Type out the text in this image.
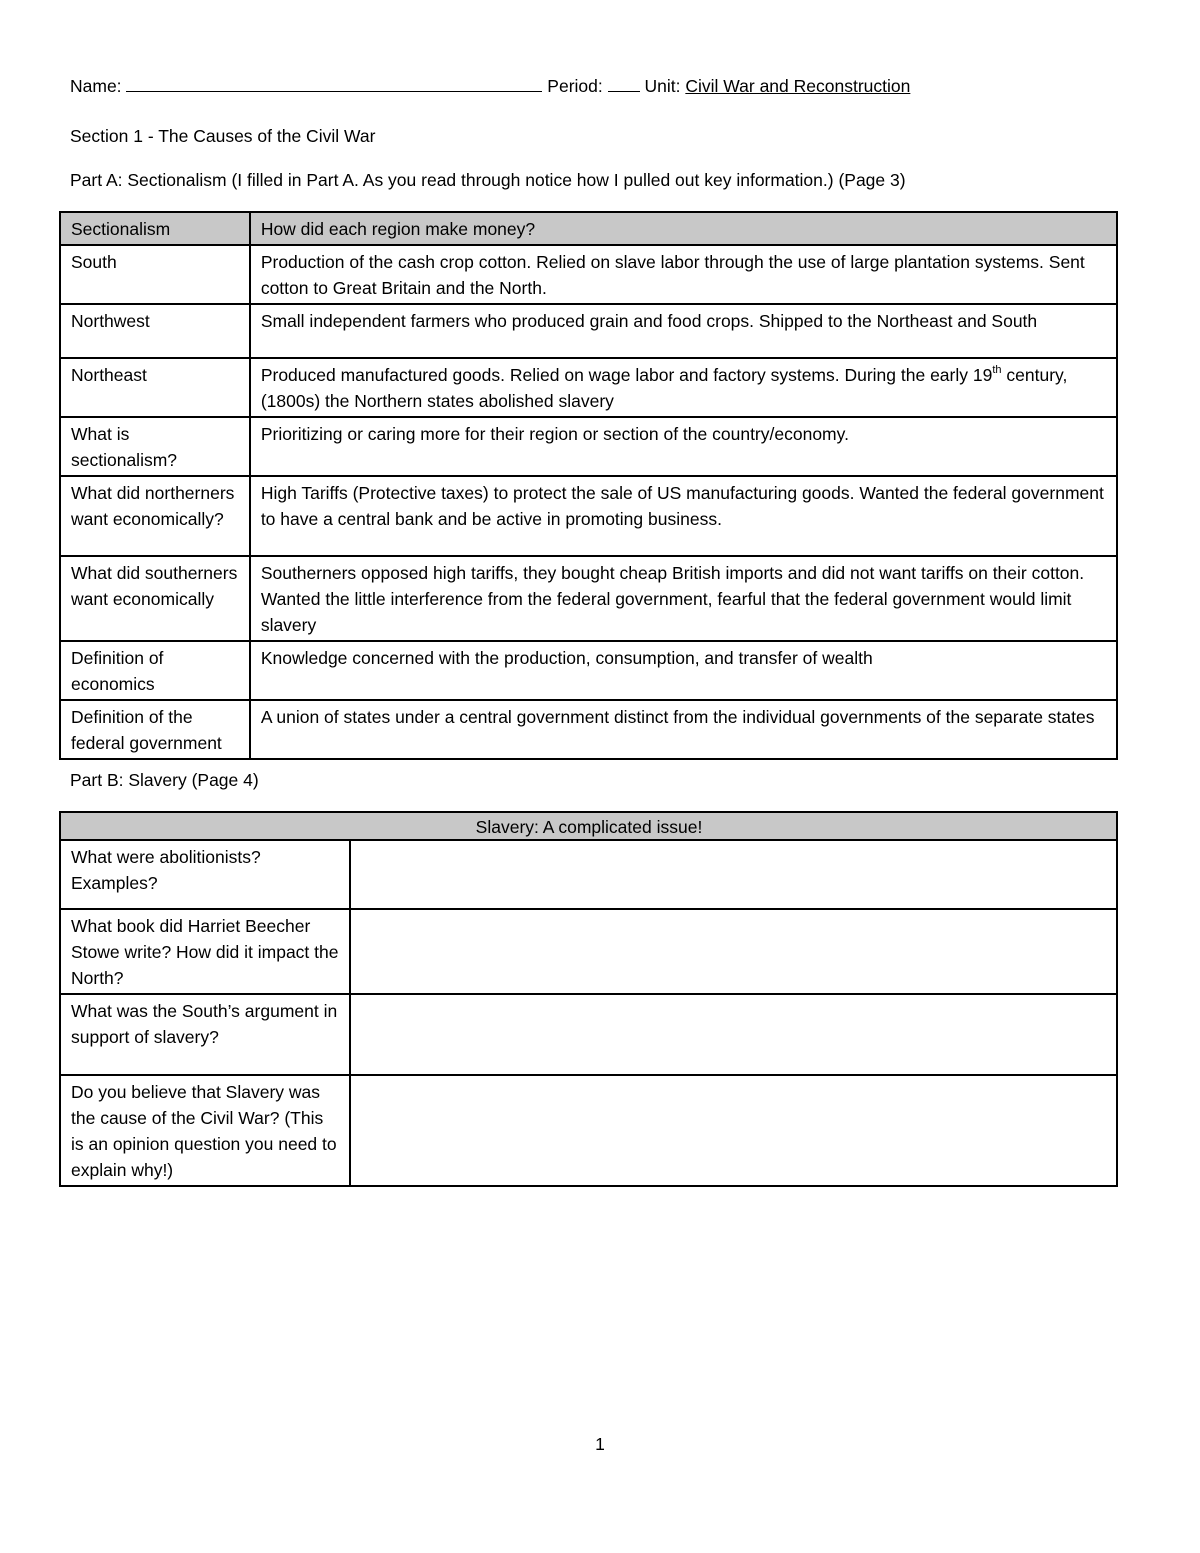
Name:	Period: Unit: Civil War and Reconstruction
Section 1 - The Causes of the Civil War
Part A: Sectionalism (I filled in Part A. As you read through notice how I pulled out key information.) (Page 3)
Sectionalism	How did each region make money?
South	Production of the cash crop cotton. Relied on slave labor through the use of large plantation systems. Sent cotton to Great Britain and the North.
Northwest	Small independent farmers who produced grain and food crops. Shipped to the Northeast and South
Northeast	Produced manufactured goods. Relied on wage labor and factory systems. During the early 19th century, (1800s) the Northern states abolished slavery
What is sectionalism?	Prioritizing or caring more for their region or section of the country/economy.
What did northerners want economically?	High Tariffs (Protective taxes) to protect the sale of US manufacturing goods. Wanted the federal government to have a central bank and be active in promoting business.
What did southerners want economically	Southerners opposed high tariffs, they bought cheap British imports and did not want tariffs on their cotton. Wanted the little interference from the federal government, fearful that the federal government would limit slavery
Definition of economics	Knowledge concerned with the production, consumption, and transfer of wealth
Definition of the federal government	A union of states under a central government distinct from the individual governments of the separate states
Part B: Slavery (Page 4)
Slavery: A complicated issue!	
What were abolitionists? Examples?	
What book did Harriet Beecher Stowe write? How did it impact the North?	
What was the South’s argument in support of slavery?	
Do you believe that Slavery was the cause of the Civil War? (This is an opinion question you need to explain why!)	
1
